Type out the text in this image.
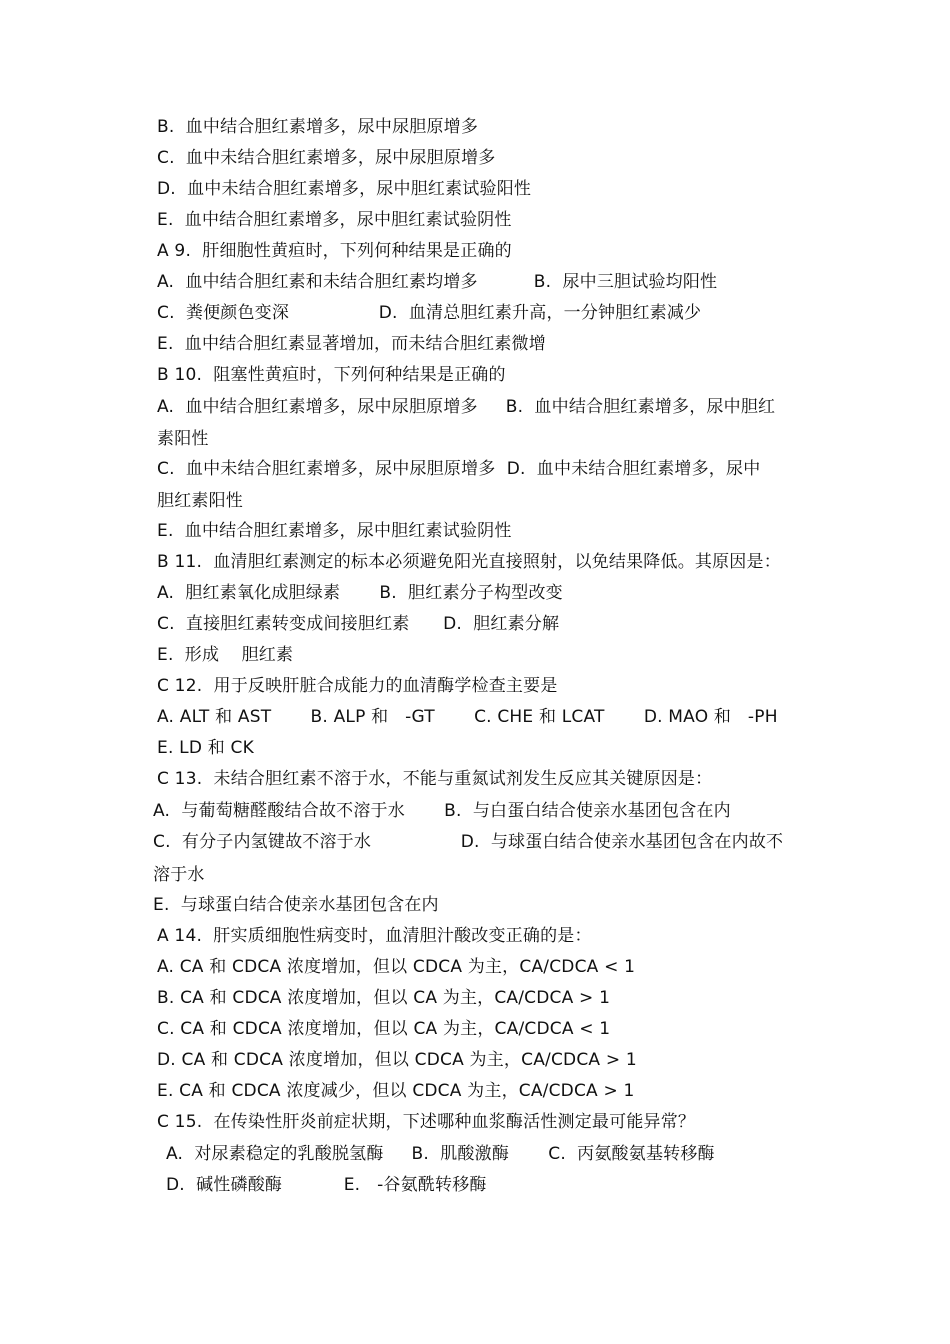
B.  血中结合胆红素增多，尿中尿胆原增多
C.  血中未结合胆红素增多，尿中尿胆原增多
D.  血中未结合胆红素增多，尿中胆红素试验阳性
E.  血中结合胆红素增多，尿中胆红素试验阴性
A 9.  肝细胞性黄疸时，下列何种结果是正确的
A.  血中结合胆红素和未结合胆红素均增多          B.  尿中三胆试验均阳性
C.  粪便颜色变深                D.  血清总胆红素升高，一分钟胆红素减少
E.  血中结合胆红素显著增加，而未结合胆红素微增
B 10.  阻塞性黄疸时，下列何种结果是正确的
A.  血中结合胆红素增多，尿中尿胆原增多     B.  血中结合胆红素增多，尿中胆红
素阳性
C.  血中未结合胆红素增多，尿中尿胆原增多  D.  血中未结合胆红素增多，尿中
胆红素阳性
E.  血中结合胆红素增多，尿中胆红素试验阴性
B 11.  血清胆红素测定的标本必须避免阳光直接照射，以免结果降低。其原因是：
A.  胆红素氧化成胆绿素       B.  胆红素分子构型改变
C.  直接胆红素转变成间接胆红素      D.  胆红素分解
E.  形成    胆红素
C 12.  用于反映肝脏合成能力的血清酶学检查主要是
A. ALT 和 AST       B. ALP 和   -GT       C. CHE 和 LCAT       D. MAO 和   -PH
E. LD 和 CK
C 13.  未结合胆红素不溶于水，不能与重氮试剂发生反应其关键原因是：
A.  与葡萄糖醛酸结合故不溶于水       B.  与白蛋白结合使亲水基团包含在内
C.  有分子内氢键故不溶于水                D.  与球蛋白结合使亲水基团包含在内故不
溶于水
E.  与球蛋白结合使亲水基团包含在内
A 14.  肝实质细胞性病变时，血清胆汁酸改变正确的是：
A. CA 和 CDCA 浓度增加，但以 CDCA 为主，CA/CDCA < 1
B. CA 和 CDCA 浓度增加，但以 CA 为主，CA/CDCA > 1
C. CA 和 CDCA 浓度增加，但以 CA 为主，CA/CDCA < 1
D. CA 和 CDCA 浓度增加，但以 CDCA 为主，CA/CDCA > 1
E. CA 和 CDCA 浓度减少，但以 CDCA 为主，CA/CDCA > 1
C 15.  在传染性肝炎前症状期，下述哪种血浆酶活性测定最可能异常？
A.  对尿素稳定的乳酸脱氢酶     B.  肌酸激酶       C.  丙氨酸氨基转移酶
D.  碱性磷酸酶           E.   -谷氨酰转移酶
